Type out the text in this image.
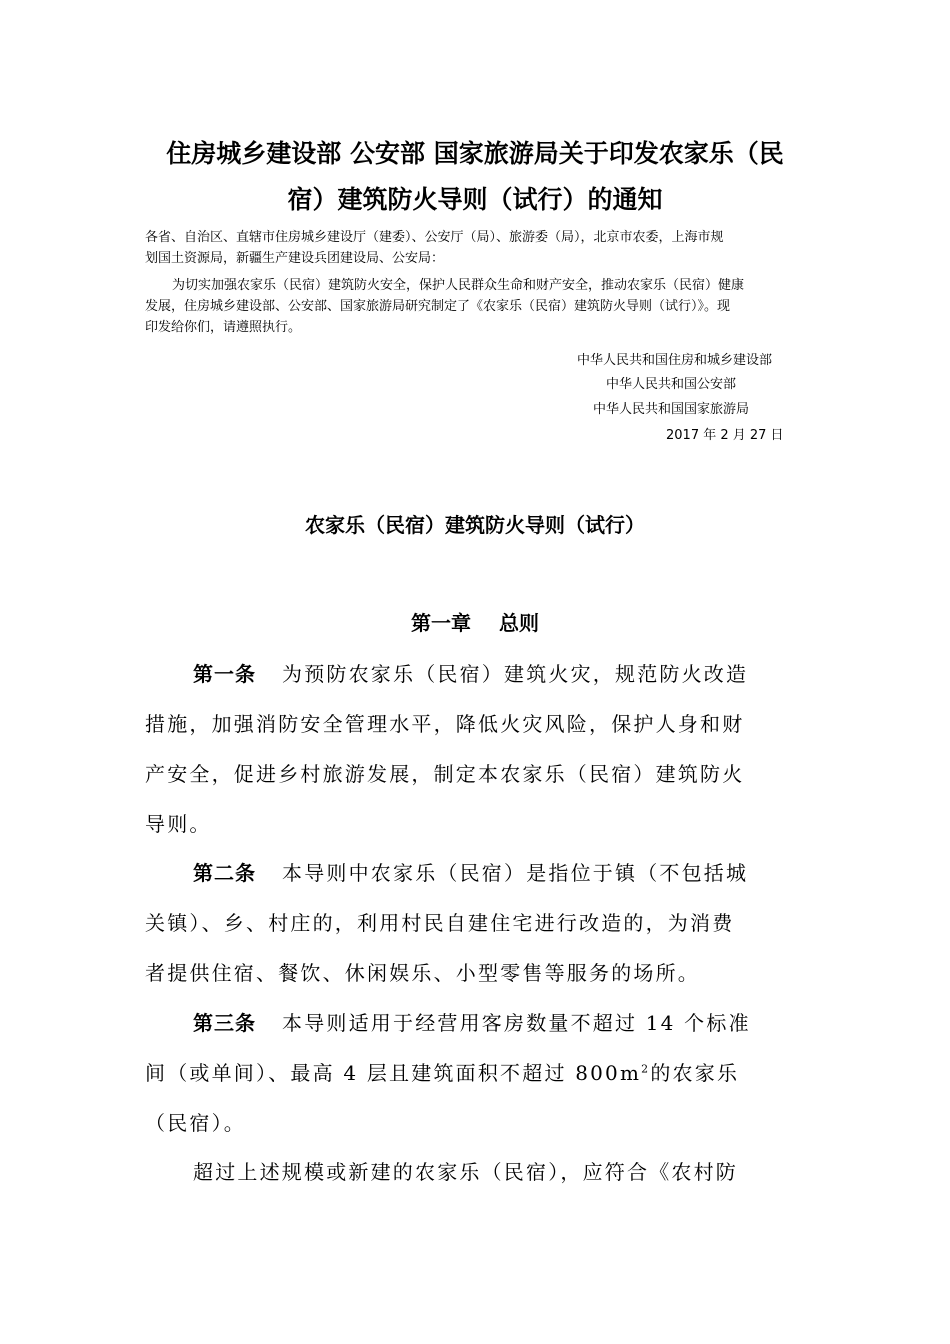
住房城乡建设部 公安部 国家旅游局关于印发农家乐（民
宿）建筑防火导则（试行）的通知
各省、自治区、直辖市住房城乡建设厅（建委）、公安厅（局）、旅游委（局），北京市农委，上海市规
划国土资源局，新疆生产建设兵团建设局、公安局：
为切实加强农家乐（民宿）建筑防火安全，保护人民群众生命和财产安全，推动农家乐（民宿）健康
发展，住房城乡建设部、公安部、国家旅游局研究制定了《农家乐（民宿）建筑防火导则（试行）》。现
印发给你们，请遵照执行。
中华人民共和国住房和城乡建设部
中华人民共和国公安部
中华人民共和国国家旅游局
2017 年 2 月 27 日
农家乐（民宿）建筑防火导则（试行）
第一章 总则
第一条 为预防农家乐（民宿）建筑火灾，规范防火改造
措施，加强消防安全管理水平，降低火灾风险，保护人身和财
产安全，促进乡村旅游发展，制定本农家乐（民宿）建筑防火
导则。
第二条 本导则中农家乐（民宿）是指位于镇（不包括城
关镇）、乡、村庄的，利用村民自建住宅进行改造的，为消费
者提供住宿、餐饮、休闲娱乐、小型零售等服务的场所。
第三条 本导则适用于经营用客房数量不超过 14 个标准
间（或单间）、最高 4 层且建筑面积不超过 $800m^2$的农家乐
（民宿）。
超过上述规模或新建的农家乐（民宿），应符合《农村防
